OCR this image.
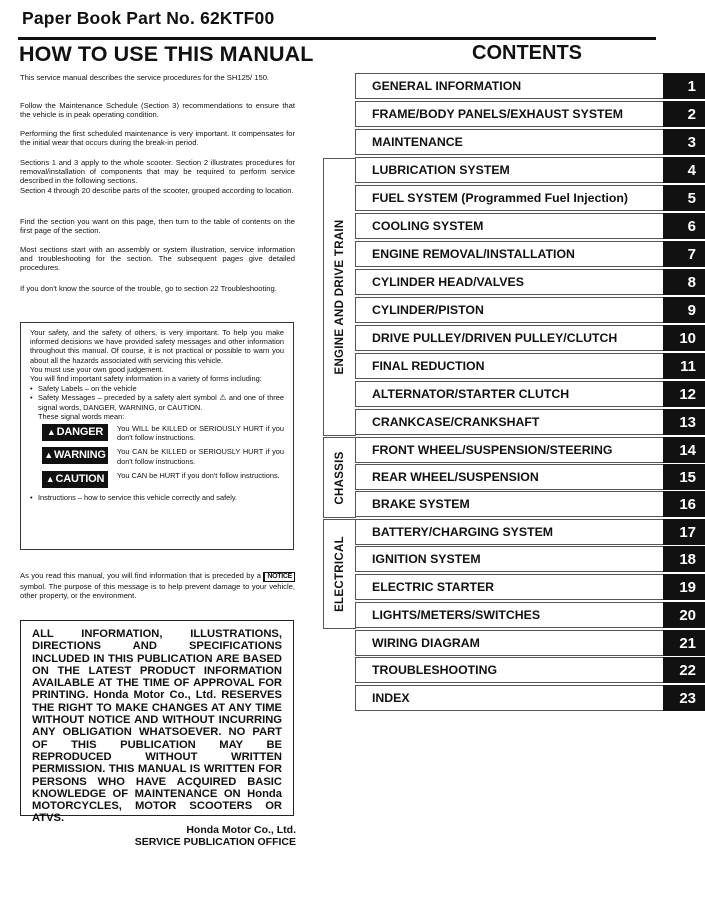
Paper Book Part No. 62KTF00
HOW TO USE THIS MANUAL	CONTENTS
This service manual describes the service procedures for the SH125/ 150.
Follow the Maintenance Schedule (Section 3) recommendations to ensure that the vehicle is in peak operating condition.
Performing the first scheduled maintenance is very important. It compensates for the initial wear that occurs during the break-in period.
Sections 1 and 3 apply to the whole scooter. Section 2 illustrates procedures for removal/installation of components that may be required to perform service described in the following sections.
Section 4 through 20 describe parts of the scooter, grouped according to location.
Find the section you want on this page, then turn to the table of contents on the first page of the section.
Most sections start with an assembly or system illustration, service information and troubleshooting for the section. The subsequent pages give detailed procedures.
If you don't know the source of the trouble, go to section 22 Troubleshooting.

Your safety, and the safety of others, is very important. To help you make informed decisions we have provided safety messages and other information throughout this manual. Of course, it is not practical or possible to warn you about all the hazards associated with servicing this vehicle.

You must use your own good judgement.

You will find important safety information in a variety of forms including:

• Safety Labels – on the vehicle
• Safety Messages – preceded by a safety alert symbol ⚠ and one of three signal words, DANGER, WARNING, or CAUTION.

These signal words mean:

▲ DANGER You WILL be KILLED or SERIOUSLY HURT if you don't follow instructions.
▲ WARNING You CAN be KILLED or SERIOUSLY HURT if you don't follow instructions.
▲ CAUTION You CAN be HURT if you don't follow instructions.
• Instructions – how to service this vehicle correctly and safely.
As you read this manual, you will find information that is preceded by a NOTICE symbol. The purpose of this message is to help prevent damage to your vehicle, other property, or the environment.
ALL INFORMATION, ILLUSTRATIONS, DIRECTIONS AND SPECIFICATIONS INCLUDED IN THIS PUBLICATION ARE BASED ON THE LATEST PRODUCT INFORMATION AVAILABLE AT THE TIME OF APPROVAL FOR PRINTING. Honda Motor Co., Ltd. RESERVES THE RIGHT TO MAKE CHANGES AT ANY TIME WITHOUT NOTICE AND WITHOUT INCURRING ANY OBLIGATION WHATSOEVER. NO PART OF THIS PUBLICATION MAY BE REPRODUCED WITHOUT WRITTEN PERMISSION. THIS MANUAL IS WRITTEN FOR PERSONS WHO HAVE ACQUIRED BASIC KNOWLEDGE OF MAINTENANCE ON Honda MOTORCYCLES, MOTOR SCOOTERS OR ATVS.
Honda Motor Co., Ltd.
SERVICE PUBLICATION OFFICE
ENGINE AND DRIVE TRAIN
CHASSIS
ELECTRICAL
GENERAL INFORMATION	1
FRAME/BODY PANELS/EXHAUST SYSTEM	2
MAINTENANCE	3
LUBRICATION SYSTEM	4
FUEL SYSTEM (Programmed Fuel Injection)	5
COOLING SYSTEM	6
ENGINE REMOVAL/INSTALLATION	7
CYLINDER HEAD/VALVES	8
CYLINDER/PISTON	9
DRIVE PULLEY/DRIVEN PULLEY/CLUTCH	10
FINAL REDUCTION	11
ALTERNATOR/STARTER CLUTCH	12
CRANKCASE/CRANKSHAFT	13
FRONT WHEEL/SUSPENSION/STEERING	14
REAR WHEEL/SUSPENSION	15
BRAKE SYSTEM	16
BATTERY/CHARGING SYSTEM	17
IGNITION SYSTEM	18
ELECTRIC STARTER	19
LIGHTS/METERS/SWITCHES	20
WIRING DIAGRAM	21
TROUBLESHOOTING	22
INDEX	23
